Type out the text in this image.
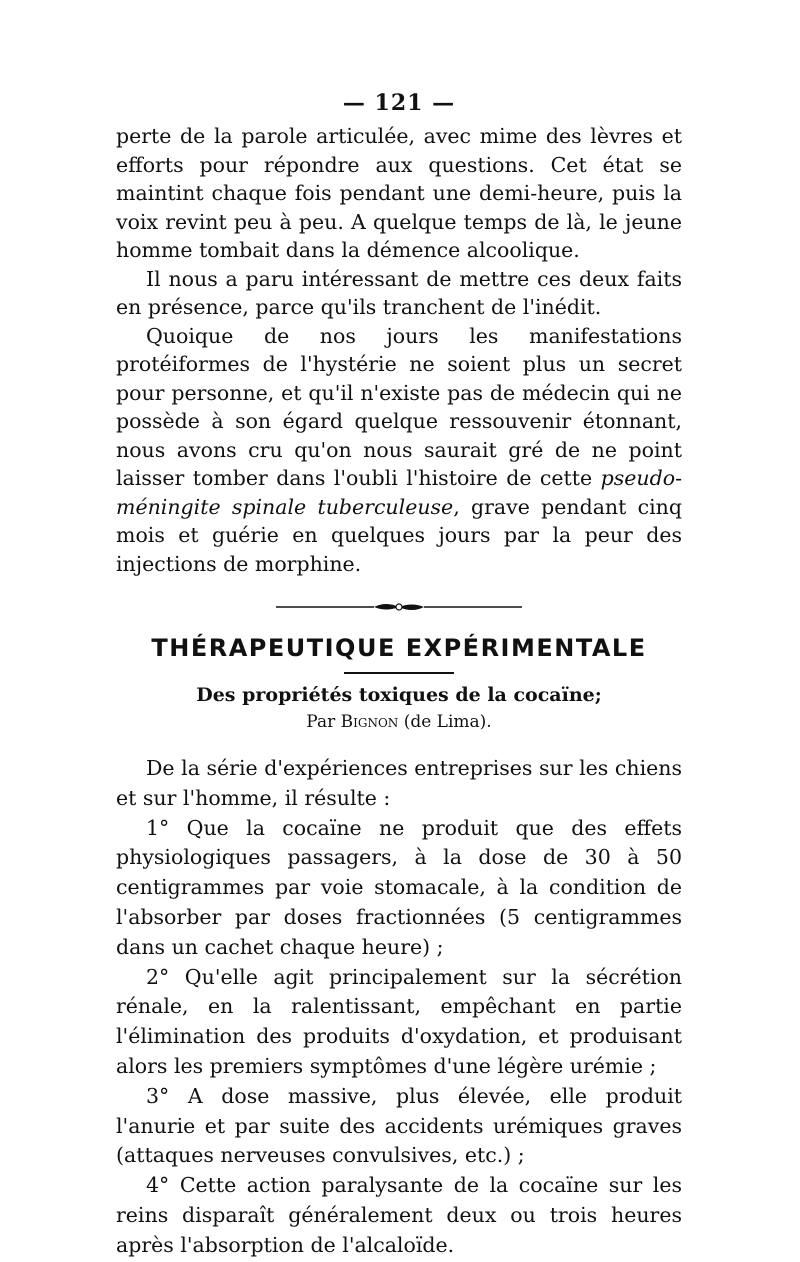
— 121 —

perte de la parole articulée, avec mime des lèvres et efforts pour répondre aux questions. Cet état se maintint chaque fois pendant une demi-heure, puis la voix revint peu à peu. A quelque temps de là, le jeune homme tombait dans la démence alcoolique.

Il nous a paru intéressant de mettre ces deux faits en présence, parce qu'ils tranchent de l'inédit.

Quoique de nos jours les manifestations protéiformes de l'hystérie ne soient plus un secret pour personne, et qu'il n'existe pas de médecin qui ne possède à son égard quelque ressouvenir étonnant, nous avons cru qu'on nous saurait gré de ne point laisser tomber dans l'oubli l'histoire de cette pseudo-méningite spinale tuberculeuse, grave pendant cinq mois et guérie en quelques jours par la peur des injections de morphine.

THÉRAPEUTIQUE EXPÉRIMENTALE
Des propriétés toxiques de la cocaïne;
Par Bignon (de Lima).

De la série d'expériences entreprises sur les chiens et sur l'homme, il résulte :

1° Que la cocaïne ne produit que des effets physiologiques passagers, à la dose de 30 à 50 centigrammes par voie stomacale, à la condition de l'absorber par doses fractionnées (5 centigrammes dans un cachet chaque heure) ;

2° Qu'elle agit principalement sur la sécrétion rénale, en la ralentissant, empêchant en partie l'élimination des produits d'oxydation, et produisant alors les premiers symptômes d'une légère urémie ;

3° A dose massive, plus élevée, elle produit l'anurie et par suite des accidents urémiques graves (attaques nerveuses convulsives, etc.) ;

4° Cette action paralysante de la cocaïne sur les reins disparaît généralement deux ou trois heures après l'absorption de l'alcaloïde.
